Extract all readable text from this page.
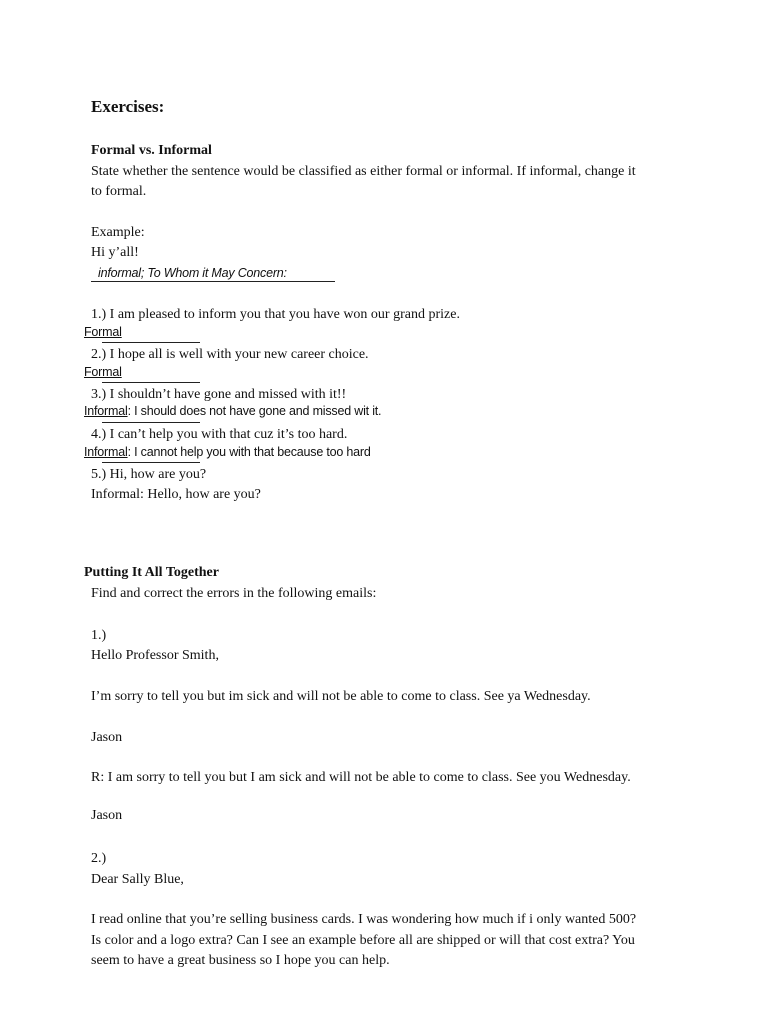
Exercises:
Formal vs. Informal
State whether the sentence would be classified as either formal or informal. If informal, change it
to formal.
Example:
Hi y’all!
informal; To Whom it May Concern:
1.) I am pleased to inform you that you have won our grand prize.
Formal
2.) I hope all is well with your new career choice.
Formal
3.) I shouldn’t have gone and missed with it!!
Informal: I should does not have gone and missed wit it.
4.) I can’t help you with that cuz it’s too hard.
Informal: I cannot help you with that because too hard
5.) Hi, how are you?
Informal: Hello, how are you?
Putting It All Together
Find and correct the errors in the following emails:
1.)
Hello Professor Smith,
I’m sorry to tell you but im sick and will not be able to come to class. See ya Wednesday.
Jason
R: I am sorry to tell you but I am sick and will not be able to come to class. See you Wednesday.
Jason
2.)
Dear Sally Blue,
I read online that you’re selling business cards. I was wondering how much if i only wanted 500?
Is color and a logo extra? Can I see an example before all are shipped or will that cost extra? You
seem to have a great business so I hope you can help.
